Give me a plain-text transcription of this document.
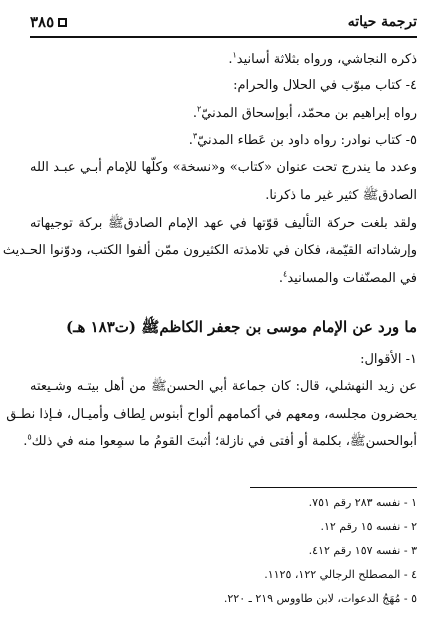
ترجمة حياته
٣٨٥
ذكره النجاشي، ورواه بثلاثة أسانيد$^١$.
٤- كتاب مبوّب في الحلال والحرام:
رواه إبراهيم بن محمّد، أبوإسحاق المدنيّ$^٢$.
٥- كتاب نوادر: رواه داود بن عَطاء المدنيّ$^٣$.
وعدد ما يندرج تحت عنوان «كتاب» و«نسخة» وكلّها للإمام أبـي عبـد الله
الصادقﷺ كثير غير ما ذكرنا.
ولقد بلغت حركة التأليف قوّتها في عهد الإمام الصادقﷺ بركة توجيهاته
وإرشاداته القيّمة، فكان في تلامذته الكثيرون ممّن ألفوا الكتب، ودوّنوا الحـديث
في المصنّفات والمسانيد$^٤$.
ما ورد عن الإمام موسى بن جعفر الكاظمﷺ (ت١٨٣ هـ)
١- الأقوال:
عن زيد النهشلي، قال: كان جماعة أبي الحسنﷺ من أهل بيتـه وشـيعته
يحضرون مجلسه، ومعهم في أكمامهم ألواح أبنوس لِطاف وأميـال، فـإذا نطـق
أبوالحسنﷺ، بكلمة أو أفتى في نازلة؛ أثبتَ القومُ ما سمِعوا منه في ذلك$^٥$.
١ - نفسه ٢٨٣ رقم ٧٥١.
٢ - نفسه ١٥ رقم ١٢.
٣ - نفسه ١٥٧ رقم ٤١٢.
٤ - المصطلح الرجالي ١٢٢، ١١٢٥.
٥ - مُهَجُ الدعوات، لابن طاووس ٢١٩ ـ ٢٢٠.
